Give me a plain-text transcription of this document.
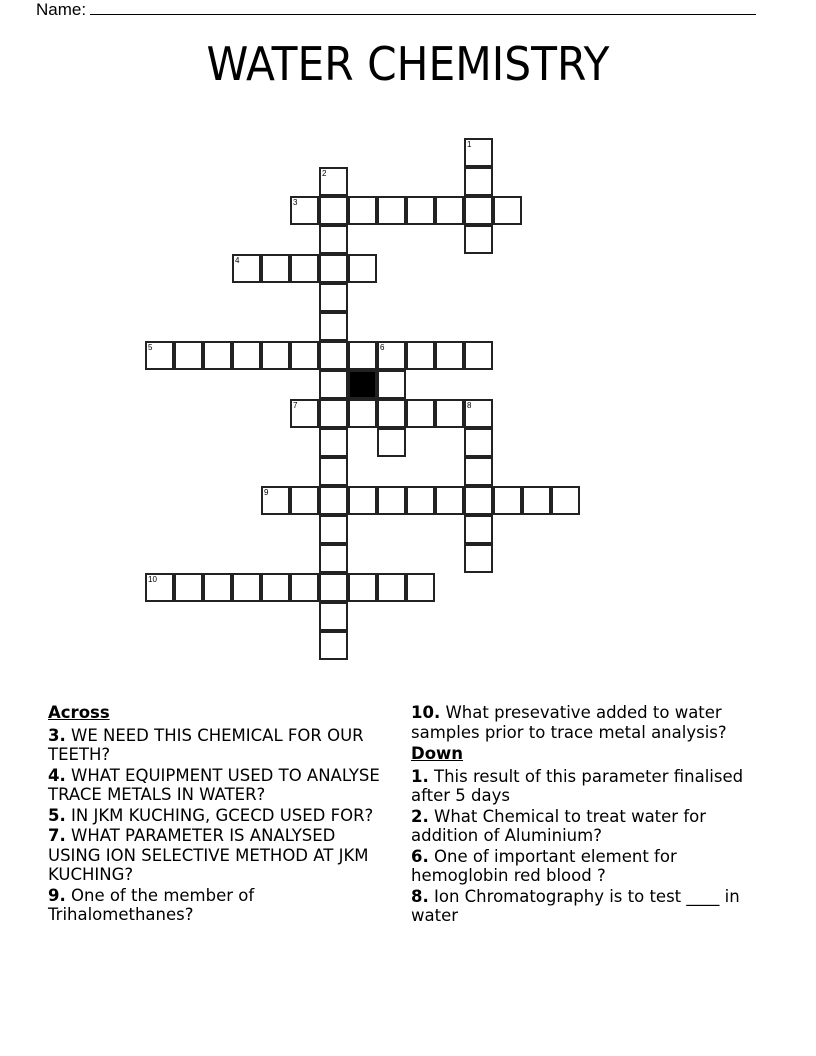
Name:
WATER CHEMISTRY
1
2
3
4
5	6
7	8
9
10
Across
3. WE NEED THIS CHEMICAL FOR OUR TEETH?
4. WHAT EQUIPMENT USED TO ANALYSE TRACE METALS IN WATER?
5. IN JKM KUCHING, GCECD USED FOR?
7. WHAT PARAMETER IS ANALYSED USING ION SELECTIVE METHOD AT JKM KUCHING?
9. One of the member of Trihalomethanes?
10. What presevative added to water samples prior to trace metal analysis?
Down
1. This result of this parameter finalised after 5 days
2. What Chemical to treat water for addition of Aluminium?
6. One of important element for hemoglobin red blood ?
8. Ion Chromatography is to test ____ in water
